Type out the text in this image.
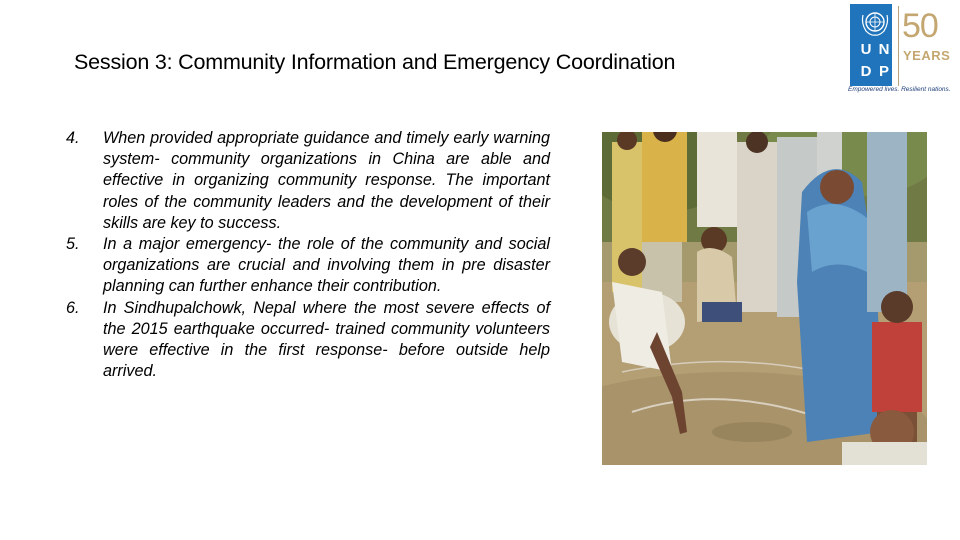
Session 3: Community Information and Emergency Coordination
U N
D P
50
YEARS
Empowered lives. Resilient nations.
4. When provided appropriate guidance and timely early warning system- community organizations in China are able and effective in organizing community response. The important roles of the community leaders and the development of their skills are key to success.
5. In a major emergency- the role of the community and social organizations are crucial and involving them in pre disaster planning can further enhance their contribution.
6. In Sindhupalchowk, Nepal where the most severe effects of the 2015 earthquake occurred- trained community volunteers were effective in the first response- before outside help arrived.
